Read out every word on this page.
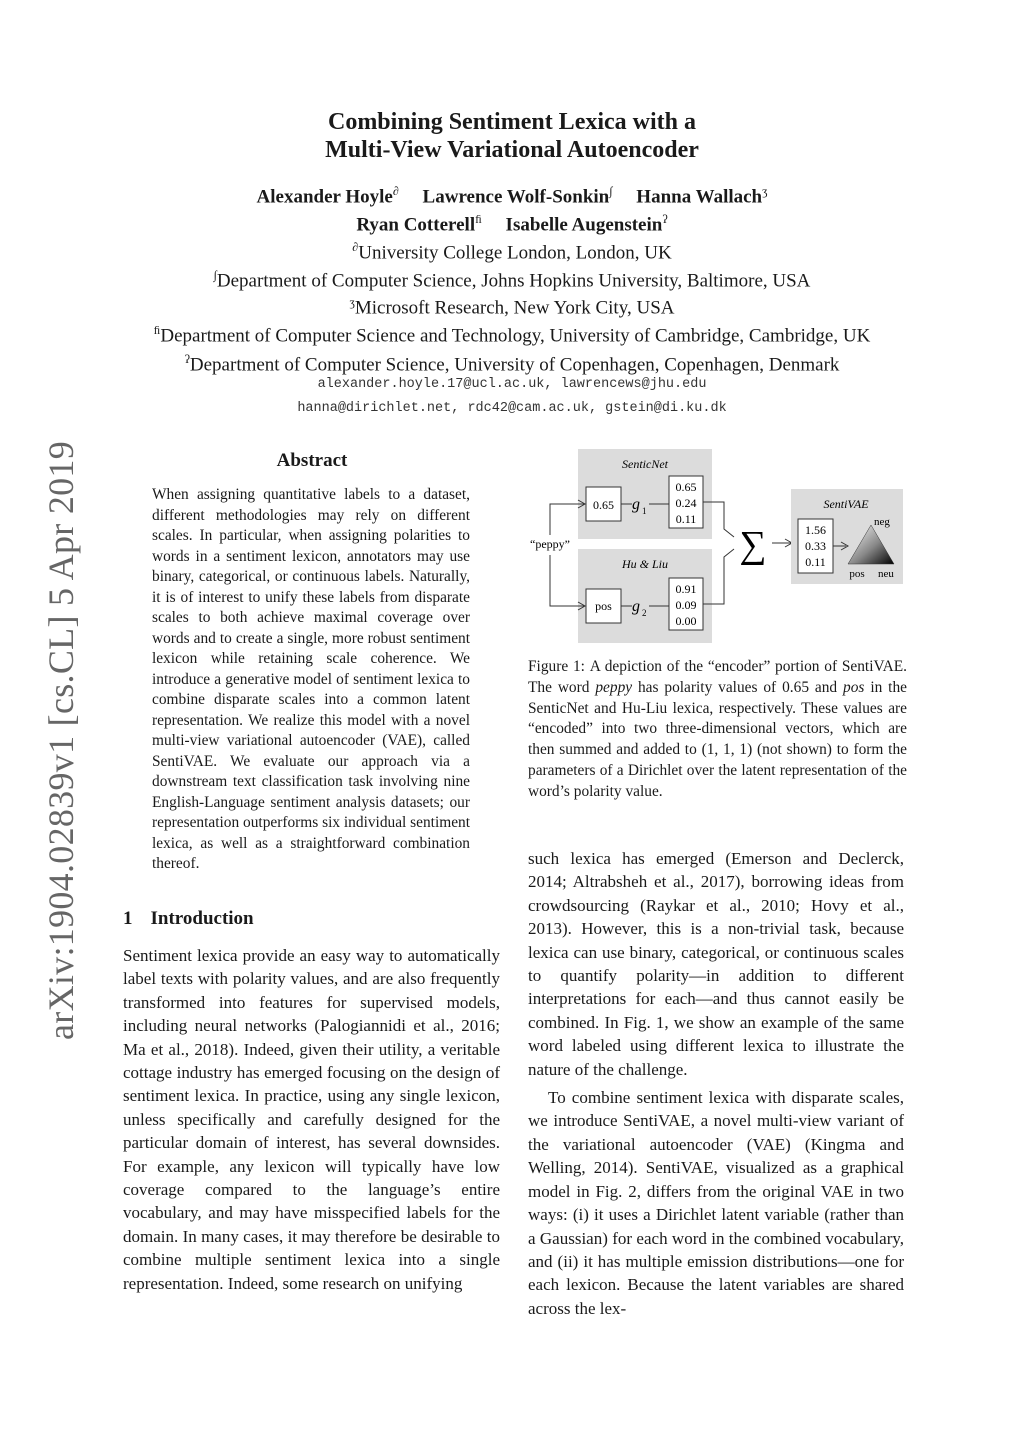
Combining Sentiment Lexica with a
Multi-View Variational Autoencoder
Alexander Hoyle∂ Lawrence Wolf-Sonkin∫ Hanna Wallach$^ʒ$
Ryan Cotterell$^ﬁ$ Isabelle Augenstein$^ʔ$
∂University College London, London, UK
∫Department of Computer Science, Johns Hopkins University, Baltimore, USA
$^ʒ$Microsoft Research, New York City, USA
$^ﬁ$Department of Computer Science and Technology, University of Cambridge, Cambridge, UK
$^ʔ$Department of Computer Science, University of Copenhagen, Copenhagen, Denmark
alexander.hoyle.17@ucl.ac.uk, lawrencews@jhu.edu
hanna@dirichlet.net, rdc42@cam.ac.uk, gstein@di.ku.dk
arXiv:1904.02839v1 [cs.CL] 5 Apr 2019	Abstract
When assigning quantitative labels to a dataset, different methodologies may rely on different scales. In particular, when assigning polarities to words in a sentiment lexicon, annotators may use binary, categorical, or continuous labels. Naturally, it is of interest to unify these labels from disparate scales to both achieve maximal coverage over words and to create a single, more robust sentiment lexicon while retaining scale coherence. We introduce a generative model of sentiment lexica to combine disparate scales into a common latent representation. We realize this model with a novel multi-view variational autoencoder (VAE), called SentiVAE. We evaluate our approach via a downstream text classification task involving nine English-Language sentiment analysis datasets; our representation outperforms six individual sentiment lexica, as well as a straightforward combination thereof.
1 Introduction
Sentiment lexica provide an easy way to automatically label texts with polarity values, and are also frequently transformed into features for supervised models, including neural networks (Palogiannidi et al., 2016; Ma et al., 2018). Indeed, given their utility, a veritable cottage industry has emerged focusing on the design of sentiment lexica. In practice, using any single lexicon, unless specifically and carefully designed for the particular domain of interest, has several downsides. For example, any lexicon will typically have low coverage compared to the language’s entire vocabulary, and may have misspecified labels for the domain. In many cases, it may therefore be desirable to combine multiple sentiment lexica into a single representation. Indeed, some research on unifying
SenticNet
0.65 g 1
0.65
0.24
0.11
Hu & Liu
pos g 2
0.91
0.09
0.00
“peppy”	∑
SentiVAE
1.56
0.33
0.11
neg
pos neu
Figure 1: A depiction of the “encoder” portion of SentiVAE. The word peppy has polarity values of 0.65 and pos in the SenticNet and Hu-Liu lexica, respectively. These values are “encoded” into two three-dimensional vectors, which are then summed and added to (1, 1, 1) (not shown) to form the parameters of a Dirichlet over the latent representation of the word’s polarity value.

such lexica has emerged (Emerson and Declerck, 2014; Altrabsheh et al., 2017), borrowing ideas from crowdsourcing (Raykar et al., 2010; Hovy et al., 2013). However, this is a non-trivial task, because lexica can use binary, categorical, or continuous scales to quantify polarity—in addition to different interpretations for each—and thus cannot easily be combined. In Fig. 1, we show an example of the same word labeled using different lexica to illustrate the nature of the challenge.

To combine sentiment lexica with disparate scales, we introduce SentiVAE, a novel multi-view variant of the variational autoencoder (VAE) (Kingma and Welling, 2014). SentiVAE, visualized as a graphical model in Fig. 2, differs from the original VAE in two ways: (i) it uses a Dirichlet latent variable (rather than a Gaussian) for each word in the combined vocabulary, and (ii) it has multiple emission distributions—one for each lexicon. Because the latent variables are shared across the lex-
